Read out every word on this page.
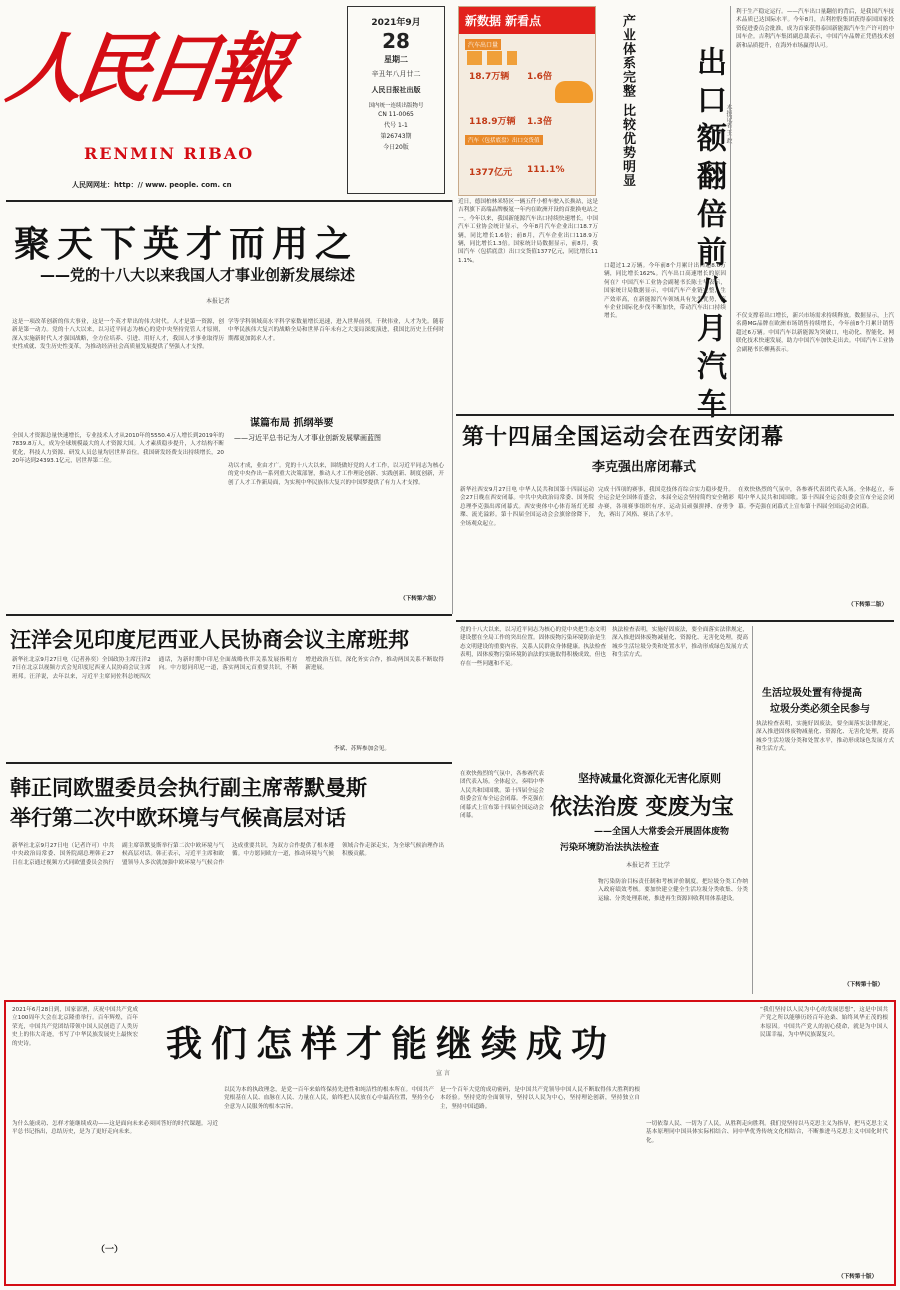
人民日報
RENMIN RIBAO
人民网网址：http：// www. people. com. cn
2021年9月
28
星期二
辛丑年八月廿二
人民日报社出版
国内统一连续出版物号
CN 11-0065
代号 1-1
第26743期
今日20版
新数据 新看点
汽车出口量
18.7万辆 1.6倍
118.9万辆 1.3倍
汽车（包括底盘）出口交货值
1377亿元 111.1%	产业体系完整 比较优势明显	出口额翻倍前八月汽车 本报记者 王 政
利于生产稳定运行。——汽车出口量翻倍的背后，是我国汽车技术品质已达国际水平。今年8月，吉利控股集团获得泰国国家投资促进委员会批准，成为首家获得泰国新能源汽车生产许可的中国车企。吉利汽车集团副总裁表示，中国汽车品牌正凭借技术创新和品质提升，在海外市场赢得认可。
不仅支撑着出口增长，新兴市场需求持续释放。数据显示，上汽名爵MG品牌在欧洲市场销售持续增长，今年前8个月累计销售超过6万辆。中国汽车以新能源为突破口，电动化、智能化、网联化技术快速发展，助力中国汽车加快走出去。中国汽车工业协会副秘书长柳燕表示。
近日，德国柏林米特区一辆五仟小橙车驶入长换站，这是吉利旗下高端品牌极氪一年内在欧洲开设的首批换电站之一。今年以来，我国新能源汽车出口持续快速增长。中国汽车工业协会统计显示，今年8月汽车企业出口18.7万辆，同比增长1.6倍；前8月，汽车企业出口118.9万辆，同比增长1.3倍。国家统计局数据显示，前8月，我国汽车（包括底盘）出口交货值1377亿元，同比增长111.1%。
口超过1.2万辆。今年前8个月累计出口超8.6万辆，同比增长162%。汽车出口高速增长的原因何在？中国汽车工业协会副秘书长陈士华表示，国家统计局数据显示，中国汽车产业链完整，生产效率高，在新能源汽车领域具有先发优势，汽车企业国际化步伐不断加快，带动汽车出口持续增长。
聚天下英才而用之
——党的十八大以来我国人才事业创新发展综述
本报记者
这是一项改革创新的伟大事业，这是一个英才辈出的伟大时代。人才是第一资源，创新是第一动力。党的十八大以来，以习近平同志为核心的党中央坚持党管人才原则，深入实施新时代人才强国战略，全方位培养、引进、用好人才，我国人才事业取得历史性成就、发生历史性变革，为推动经济社会高质量发展提供了坚强人才支撑。
全国人才资源总量快速增长，专业技术人才从2010年的5550.4万人增长到2019年的7839.8万人，成为全球规模最大的人才资源大国。人才素质稳步提升，人才结构不断优化，科技人力资源、研发人员总量均居世界首位。我国研发经费支出持续增长，2020年达到24393.1亿元，居世界第二位。
学等学科领域高水平科学家数量增长迅速，进入世界前列。千秋伟业，人才为先。随着中华民族伟大复兴的战略全局和世界百年未有之大变局深度演进，我国比历史上任何时期都更加渴求人才。
谋篇布局 抓纲举要
——习近平总书记为人才事业创新发展擘画蓝图
功以才成，业由才广。党的十八大以来，围绕做好党的人才工作，以习近平同志为核心的党中央作出一系列重大决策部署，推动人才工作理论创新、实践创新、制度创新，开创了人才工作新局面，为实现中华民族伟大复兴的中国梦提供了有力人才支撑。
（下转第六版）
第十四届全国运动会在西安闭幕
李克强出席闭幕式
新华社西安9月27日电 中华人民共和国第十四届运动会27日晚在西安闭幕。中共中央政治局常委、国务院总理李克强出席闭幕式。西安奥体中心体育场灯光璀璨、流光溢彩。第十四届全国运动会会旗徐徐降下，全场观众起立。
完成十四项的赛事，我国竞技体育综合实力稳步提升。全运会是全国体育盛会，本届全运会坚持简约安全精彩办赛，各项赛事组织有序，运动员顽强拼搏、奋勇争先，赛出了风格、赛出了水平。
在欢快热烈的气氛中，各参赛代表团代表入场。全体起立，奏唱中华人民共和国国歌。第十四届全运会组委会宣布全运会闭幕。李克强在闭幕式上宣布第十四届全国运动会闭幕。
（下转第二版）
汪洋会见印度尼西亚人民协商会议主席班邦
新华社北京9月27日电（记者孙奕）全国政协主席汪洋27日在北京以视频方式会见印度尼西亚人民协商会议主席班邦。汪洋说，去年以来，习近平主席同佐科总统四次通话，为新时期中印尼全面战略伙伴关系发展指明方向。中方愿同印尼一道，落实两国元首重要共识，不断增进政治互信，深化务实合作，推动两国关系不断取得新进展。
李斌、苏辉参加会见。
韩正同欧盟委员会执行副主席蒂默曼斯
举行第二次中欧环境与气候高层对话
新华社北京9月27日电（记者许可）中共中央政治局常委、国务院副总理韩正27日在北京通过视频方式同欧盟委员会执行副主席蒂默曼斯举行第二次中欧环境与气候高层对话。韩正表示，习近平主席和欧盟领导人多次就加强中欧环境与气候合作达成重要共识，为双方合作提供了根本遵循。中方愿同欧方一道，推动环境与气候领域合作走深走实，为全球气候治理作出积极贡献。
党的十八大以来，以习近平同志为核心的党中央把生态文明建设摆在全局工作的突出位置。固体废物污染环境防治是生态文明建设的重要内容，关系人民群众身体健康。执法检查表明，固体废物污染环境防治法的实施取得积极成效，但也存在一些问题和不足。
执法检查表明，实施好固废法，要全面落实法律规定，深入推进固体废物减量化、资源化、无害化处理，提高城乡生活垃圾分类和处置水平，推动形成绿色发展方式和生活方式。
生活垃圾处置有待提高
垃圾分类必须全民参与
坚持减量化资源化无害化原则
依法治废 变废为宝
——全国人大常委会开展固体废物
污染环境防治法执法检查
本报记者 王比学
物污染防治目标责任制和考核评价制度，把垃圾分类工作纳入政府绩效考核。要加快建立健全生活垃圾分类收集、分类运输、分类处理系统，推进再生资源回收利用体系建设。
在欢快热烈的气氛中，各参赛代表团代表入场。全体起立，奏唱中华人民共和国国歌。第十四届全运会组委会宣布全运会闭幕。李克强在闭幕式上宣布第十四届全国运动会闭幕。
执法检查表明，实施好固废法，要全面落实法律规定，深入推进固体废物减量化、资源化、无害化处理，提高城乡生活垃圾分类和处置水平，推动形成绿色发展方式和生活方式。
（下转第十版）
2021年6月28日到，国家部署，庆祝中国共产党成立100周年大会在北京隆重举行。百年辉煌，百年荣光，中国共产党团结带领中国人民创造了人类历史上的伟大奇迹，书写了中华民族发展史上最恢宏的史诗。
“我们坚持以人民为中心的发展思想”，这是中国共产党之所以能够历经百年沧桑、始终风华正茂的根本原因。中国共产党人的初心使命，就是为中国人民谋幸福，为中华民族谋复兴。
我们怎样才能继续成功
宣 言
为什么能成功、怎样才能继续成功——这是面向未来必须回答好的时代课题。习近平总书记指出，总结历史，是为了更好走向未来。
（一）
以民为本的执政理念，是党一百年来始终保持先进性和纯洁性的根本所在。中国共产党根基在人民、血脉在人民、力量在人民，始终把人民放在心中最高位置，坚持全心全意为人民服务的根本宗旨。
是一个百年大党的成功密码，是中国共产党领导中国人民不断取得伟大胜利的根本经验。坚持党的全面领导，坚持以人民为中心，坚持理论创新，坚持独立自主，坚持中国道路。
一切依靠人民、一切为了人民，从胜利走向胜利。我们党坚持以马克思主义为指导，把马克思主义基本原理同中国具体实际相结合、同中华优秀传统文化相结合，不断推进马克思主义中国化时代化。
（下转第十版）
